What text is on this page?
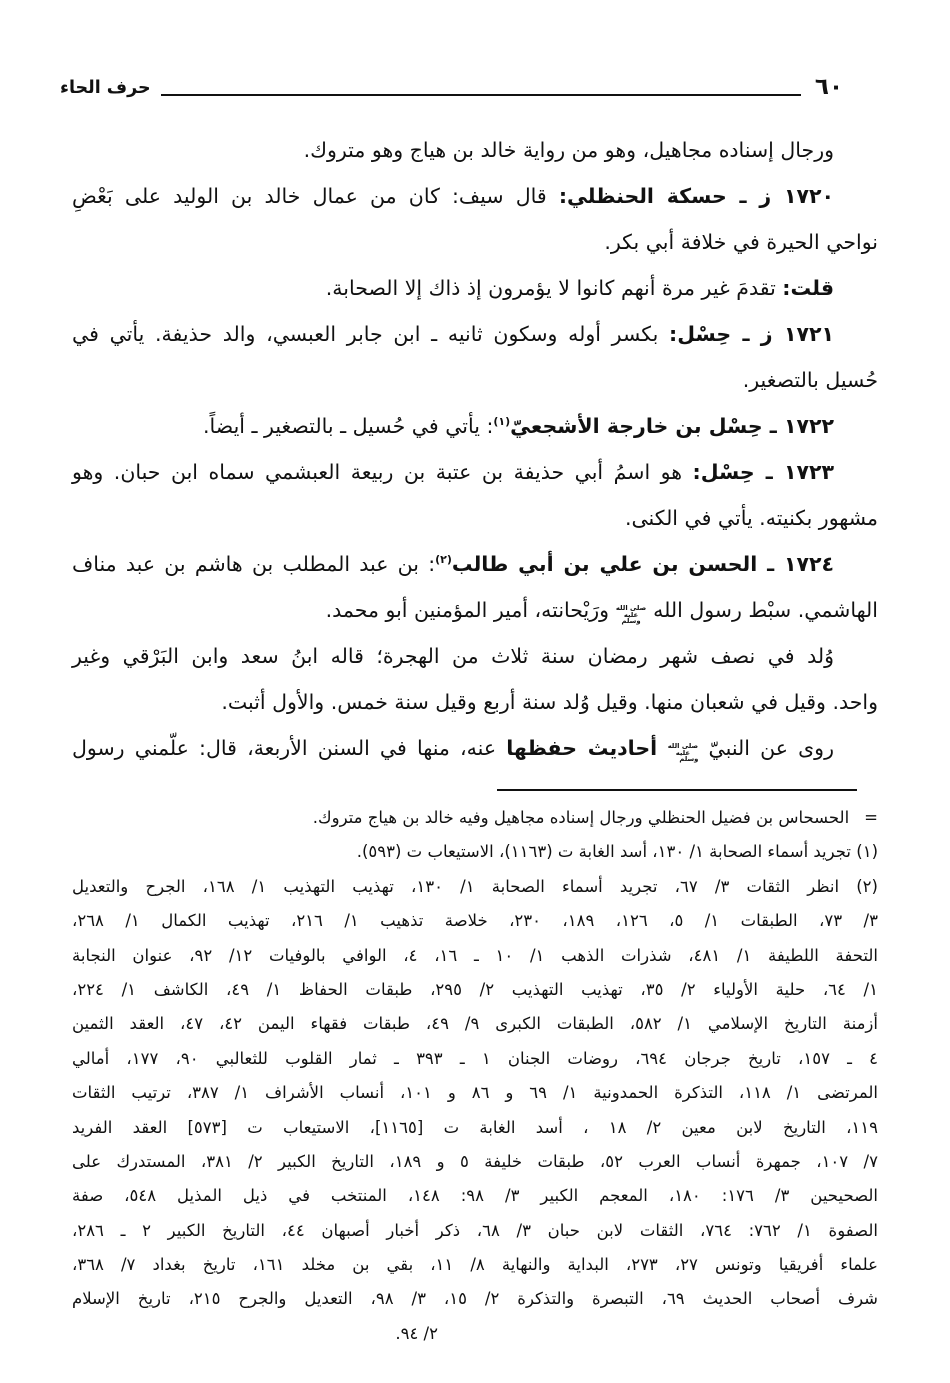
٦٠
حرف الحاء
ورجال إسناده مجاهيل، وهو من رواية خالد بن هياج وهو متروك.
١٧٢٠ ز ـ حسكة الحنظلي: قال سيف: كان من عمال خالد بن الوليد على بَعْضِ
نواحي الحيرة في خلافة أبي بكر.
قلت: تقدمَ غير مرة أنهم كانوا لا يؤمرون إذ ذاك إلا الصحابة.
١٧٢١ ز ـ حِسْل: بكسر أوله وسكون ثانيه ـ ابن جابر العبسي، والد حذيفة. يأتي في
حُسيل بالتصغير.
١٧٢٢ ـ حِسْل بن خارجة الأشجعيّ$^{(١)}$: يأتي في حُسيل ـ بالتصغير ـ أيضاً.
١٧٢٣ ـ حِسْل: هو اسمُ أبي حذيفة بن عتبة بن ربيعة العبشمي سماه ابن حبان. وهو
مشهور بكنيته. يأتي في الكنى.
١٧٢٤ ـ الحسن بن علي بن أبي طالب$^{(٢)}$: بن عبد المطلب بن هاشم بن عبد مناف
الهاشمي. سبْط رسول الله صلى الله عليه وسلم ورَيْحانته، أمير المؤمنين أبو محمد.
وُلد في نصف شهر رمضان سنة ثلاث من الهجرة؛ قاله ابنُ سعد وابن البَرْقي وغير
واحد. وقيل في شعبان منها. وقيل وُلد سنة أربع وقيل سنة خمس. والأول أثبت.
روى عن النبيّ صلى الله عليه وسلم أحاديث حفظها عنه، منها في السنن الأربعة، قال: علّمني رسول
=الحسحاس بن فضيل الحنظلي ورجال إسناده مجاهيل وفيه خالد بن هياج متروك.
(١) تجريد أسماء الصحابة ١/ ١٣٠، أسد الغابة ت (١١٦٣)، الاستيعاب ت (٥٩٣).
(٢) انظر الثقات ٣/ ٦٧، تجريد أسماء الصحابة ١/ ١٣٠، تهذيب التهذيب ١/ ١٦٨، الجرح والتعديل
٣/ ٧٣، الطبقات ١/ ٥، ١٢٦، ١٨٩، ٢٣٠، خلاصة تذهيب ١/ ٢١٦، تهذيب الكمال ١/ ٢٦٨،
التحفة اللطيفة ١/ ٤٨١، شذرات الذهب ١/ ١٠ ـ ١٦، ٤، الوافي بالوفيات ١٢/ ٩٢، عنوان النجابة
١/ ٦٤، حلية الأولياء ٢/ ٣٥، تهذيب التهذيب ٢/ ٢٩٥، طبقات الحفاظ ١/ ٤٩، الكاشف ١/ ٢٢٤،
أزمنة التاريخ الإسلامي ١/ ٥٨٢، الطبقات الكبرى ٩/ ٤٩، طبقات فقهاء اليمن ٤٢، ٤٧، العقد الثمين
٤ ـ ١٥٧، تاريخ جرجان ٦٩٤، روضات الجنان ١ ـ ٣٩٣ ـ ثمار القلوب للثعالبي ٩٠، ١٧٧، أمالي
المرتضى ١/ ١١٨، التذكرة الحمدونية ١/ ٦٩ و ٨٦ و ١٠١، أنساب الأشراف ١/ ٣٨٧، ترتيب الثقات
١١٩، التاريخ لابن معين ٢/ ١٨ ، أسد الغابة ت [١١٦٥]، الاستيعاب ت [٥٧٣] العقد الفريد
٧/ ١٠٧، جمهرة أنساب العرب ٥٢، طبقات خليفة ٥ و ١٨٩، التاريخ الكبير ٢/ ٣٨١، المستدرك على
الصحيحين ٣/ ١٧٦: ١٨٠، المعجم الكبير ٣/ ٩٨: ١٤٨، المنتخب في ذيل المذيل ٥٤٨، صفة
الصفوة ١/ ٧٦٢: ٧٦٤، الثقات لابن حبان ٣/ ٦٨، ذكر أخبار أصبهان ٤٤، التاريخ الكبير ٢ ـ ٢٨٦،
علماء أفريقيا وتونس ٢٧، ٢٧٣، البداية والنهاية ٨/ ١١، بقي بن مخلد ١٦١، تاريخ بغداد ٧/ ٣٦٨،
شرف أصحاب الحديث ٦٩، التبصرة والتذكرة ٢/ ١٥، ٣/ ٩٨، التعديل والجرح ٢١٥، تاريخ الإسلام
٢/ ٩٤.
